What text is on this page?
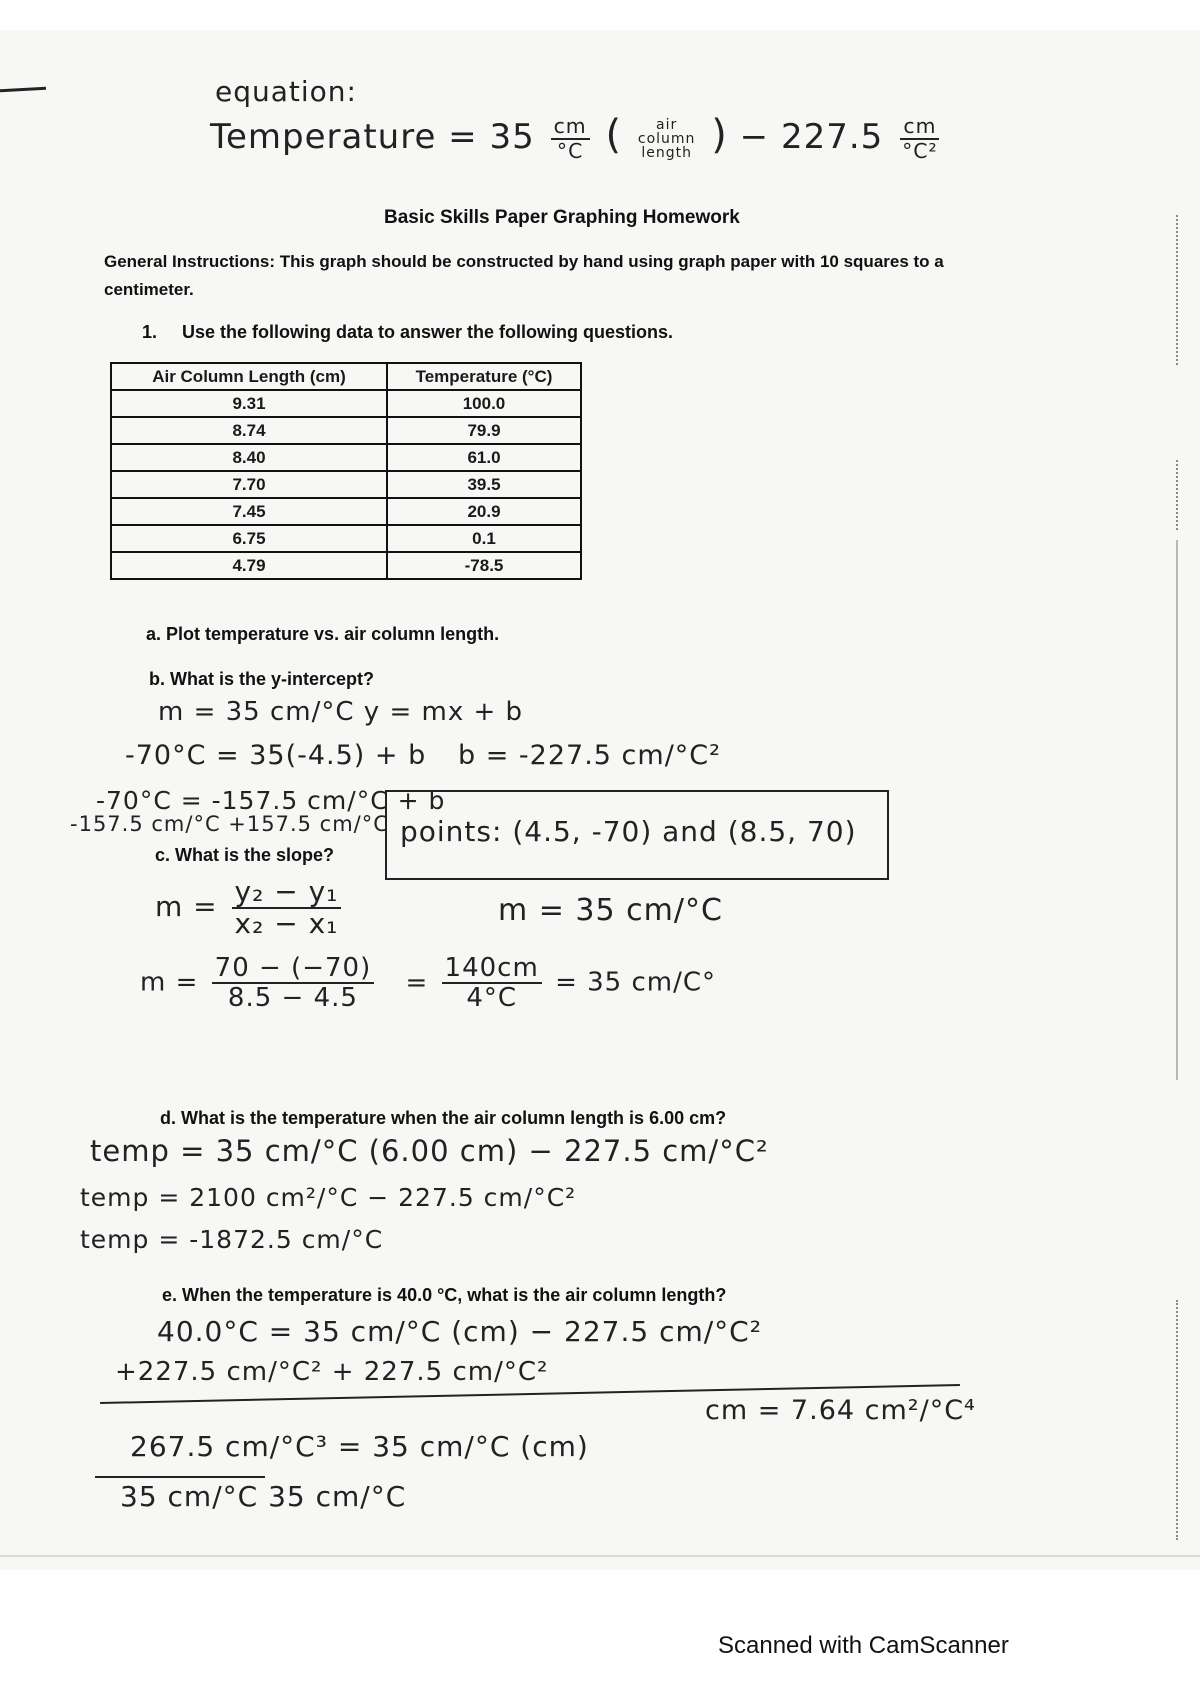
equation:
Temperature = $35 \frac{cm}{^\circ C}$ ( air
column
length ) − $227.5 \frac{cm}{\text{°C²}}$
Basic Skills Paper Graphing Homework
General Instructions: This graph should be constructed by hand using graph paper with 10 squares to a
centimeter.
1. Use the following data to answer the following questions.
Air Column Length (cm)	Temperature (°C)
9.31	100.0
8.74	79.9
8.40	61.0
7.70	39.5
7.45	20.9
6.75	0.1
4.79	-78.5
a. Plot temperature vs. air column length.
b. What is the y-intercept?
m = 35 cm/°C y = mx + b
-70°C = 35(-4.5) + b b = -227.5 cm/°C²
-70°C = -157.5 cm/°C + b
-157.5 cm/°C +157.5 cm/°C
c. What is the slope?
points: (4.5, -70) and (8.5, 70)
$m = \frac{\text{y₂ − y₁}}{\text{x₂ − x₁}}$	m = 35 cm/°C
$m = \frac{70 - (-70)}{8.5 - 4.5} = \frac{140cm}{4^\circ C} = 35$ cm/C°
d. What is the temperature when the air column length is 6.00 cm?
temp = 35 cm/°C (6.00 cm) − 227.5 cm/°C²
temp = 2100 cm²/°C − 227.5 cm/°C²
temp = -1872.5 cm/°C
e. When the temperature is 40.0 °C, what is the air column length?
40.0°C = 35 cm/°C (cm) − 227.5 cm/°C²
+227.5 cm/°C² + 227.5 cm/°C²
cm = 7.64 cm²/°C⁴
267.5 cm/°C³ = 35 cm/°C (cm)
35 cm/°C 35 cm/°C
Scanned with CamScanner
